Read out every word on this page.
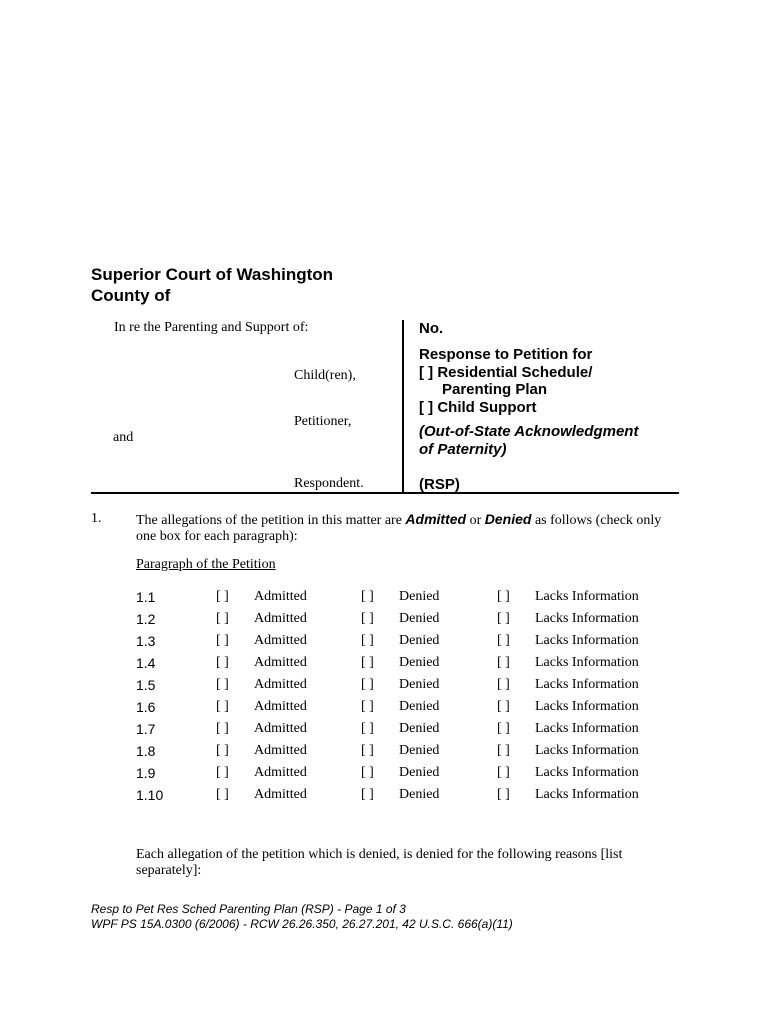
Superior Court of Washington
County of
In re the Parenting and Support of:
Child(ren),
Petitioner,
and
Respondent.
No.
Response to Petition for
[ ] Residential Schedule/
Parenting Plan
[ ] Child Support
(Out-of-State Acknowledgment
of Paternity)
(RSP)
1. The allegations of the petition in this matter are Admitted or Denied as follows (check only one box for each paragraph):
Paragraph of the Petition
1.1	[ ] Admitted	[ ] Denied	[ ] Lacks Information
1.2	[ ] Admitted	[ ] Denied	[ ] Lacks Information
1.3	[ ] Admitted	[ ] Denied	[ ] Lacks Information
1.4	[ ] Admitted	[ ] Denied	[ ] Lacks Information
1.5	[ ] Admitted	[ ] Denied	[ ] Lacks Information
1.6	[ ] Admitted	[ ] Denied	[ ] Lacks Information
1.7	[ ] Admitted	[ ] Denied	[ ] Lacks Information
1.8	[ ] Admitted	[ ] Denied	[ ] Lacks Information
1.9	[ ] Admitted	[ ] Denied	[ ] Lacks Information
1.10	[ ] Admitted	[ ] Denied	[ ] Lacks Information
Each allegation of the petition which is denied, is denied for the following reasons [list separately]:
Resp to Pet Res Sched Parenting Plan (RSP) - Page 1 of 3
WPF PS 15A.0300 (6/2006) - RCW 26.26.350, 26.27.201, 42 U.S.C. 666(a)(11)
